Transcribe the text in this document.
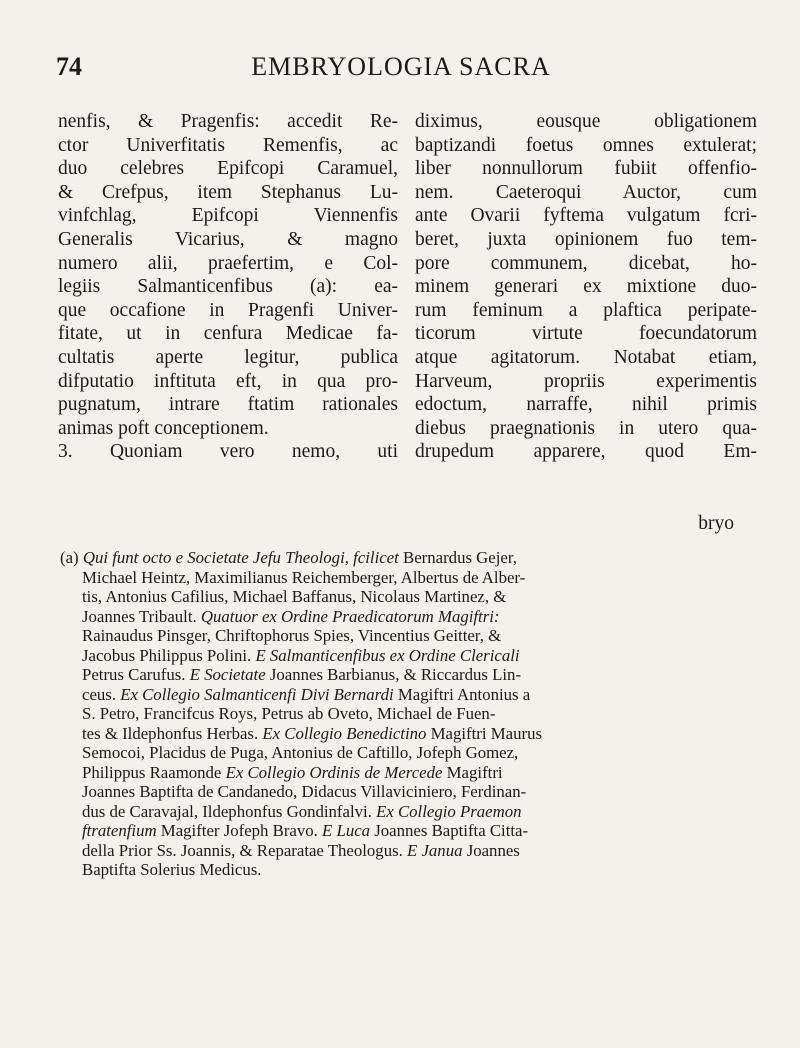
74	EMBRYOLOGIA SACRA
nenfis, & Pragenfis: accedit Re-
ctor Univerfitatis Remenfis, ac
duo celebres Epifcopi Caramuel,
& Crefpus, item Stephanus Lu-
vinfchlag, Epifcopi Viennenfis
Generalis Vicarius, & magno
numero alii, praefertim, e Col-
legiis Salmanticenfibus (a): ea-
que occafione in Pragenfi Univer-
fitate, ut in cenfura Medicae fa-
cultatis aperte legitur, publica
difputatio inftituta eft, in qua pro-
pugnatum, intrare ftatim rationales
animas poft conceptionem.
3. Quoniam vero nemo, uti
diximus, eousque obligationem
baptizandi foetus omnes extulerat;
liber nonnullorum fubiit offenfio-
nem. Caeteroqui Auctor, cum
ante Ovarii fyftema vulgatum fcri-
beret, juxta opinionem fuo tem-
pore communem, dicebat, ho-
minem generari ex mixtione duo-
rum feminum a plaftica peripate-
ticorum virtute foecundatorum
atque agitatorum. Notabat etiam,
Harveum, propriis experimentis
edoctum, narraffe, nihil primis
diebus praegnationis in utero qua-
drupedum apparere, quod Em-
bryo
(a) Qui funt octo e Societate Jefu Theologi, fcilicet Bernardus Gejer,
Michael Heintz, Maximilianus Reichemberger, Albertus de Alber-
tis, Antonius Cafilius, Michael Baffanus, Nicolaus Martinez, &
Joannes Tribault. Quatuor ex Ordine Praedicatorum Magiftri:
Rainaudus Pinsger, Chriftophorus Spies, Vincentius Geitter, &
Jacobus Philippus Polini. E Salmanticenfibus ex Ordine Clericali
Petrus Carufus. E Societate Joannes Barbianus, & Riccardus Lin-
ceus. Ex Collegio Salmanticenfi Divi Bernardi Magiftri Antonius a
S. Petro, Francifcus Roys, Petrus ab Oveto, Michael de Fuen-
tes & Ildephonfus Herbas. Ex Collegio Benedictino Magiftri Maurus
Semocoi, Placidus de Puga, Antonius de Caftillo, Jofeph Gomez,
Philippus Raamonde Ex Collegio Ordinis de Mercede Magiftri
Joannes Baptifta de Candanedo, Didacus Villaviciniero, Ferdinan-
dus de Caravajal, Ildephonfus Gondinfalvi. Ex Collegio Praemon
ftratenfium Magifter Jofeph Bravo. E Luca Joannes Baptifta Citta-
della Prior Ss. Joannis, & Reparatae Theologus. E Janua Joannes
Baptifta Solerius Medicus.
